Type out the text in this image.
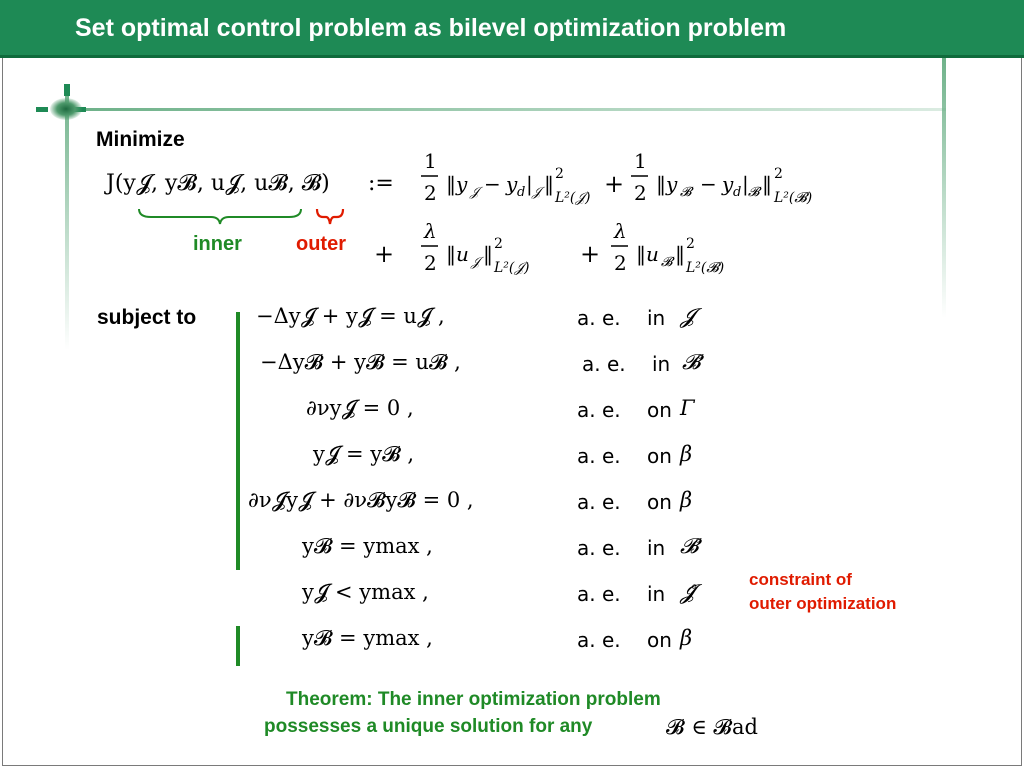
Set optimal control problem as bilevel optimization problem
Minimize
J(y𝓙, y𝓑, u𝓙, u𝓑, 𝓑) :=
1
2 ‖y 𝒥 − y d | 𝒥 ‖ 2
L²(𝒥) +
1
2 ‖y 𝓑 − y d | 𝓑 ‖ 2
L²(𝓑)
inner	outer +
λ
2 ‖u 𝒥 ‖ 2
L²(𝒥) +
λ
2 ‖u 𝓑 ‖ 2
L²(𝓑)
subject to	−Δy𝓙 + y𝓙 = u𝓙 ,	a. e. in 𝓙
−Δy𝓑 + y𝓑 = u𝓑 ,	a. e. in 𝓑̊
∂νy𝓙 = 0 ,	a. e. on Γ
y𝓙 = y𝓑 ,	a. e. on β
∂ν𝓙y𝓙 + ∂ν𝓑y𝓑 = 0 ,	a. e. on β
y𝓑 = ymax ,	a. e. in 𝓑̊
y𝓙 < ymax ,	a. e. in 𝓙̊
y𝓑 = ymax ,	a. e. on β
constraint of
outer optimization
Theorem: The inner optimization problem
possesses a unique solution for any	𝓑 ∈ 𝓑ad
